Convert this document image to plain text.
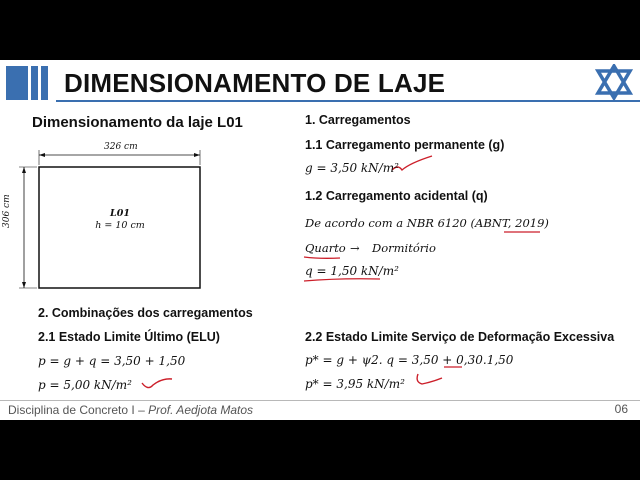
DIMENSIONAMENTO DE LAJE
Dimensionamento da laje L01
326 cm
306 cm	L01
h = 10 cm
1. Carregamentos
1.1 Carregamento permanente (g)
g = 3,50 kN/m²
1.2 Carregamento acidental (q)
De acordo com a NBR 6120 (ABNT, 2019)
Quarto → Dormitório
q = 1,50 kN/m²
2. Combinações dos carregamentos
2.1 Estado Limite Último (ELU)
p = g + q = 3,50 + 1,50
p = 5,00 kN/m²
2.2 Estado Limite Serviço de Deformação Excessiva
p* = g + ψ2. q = 3,50 + 0,30.1,50
p* = 3,95 kN/m²
Disciplina de Concreto I – Prof. Aedjota Matos	06
